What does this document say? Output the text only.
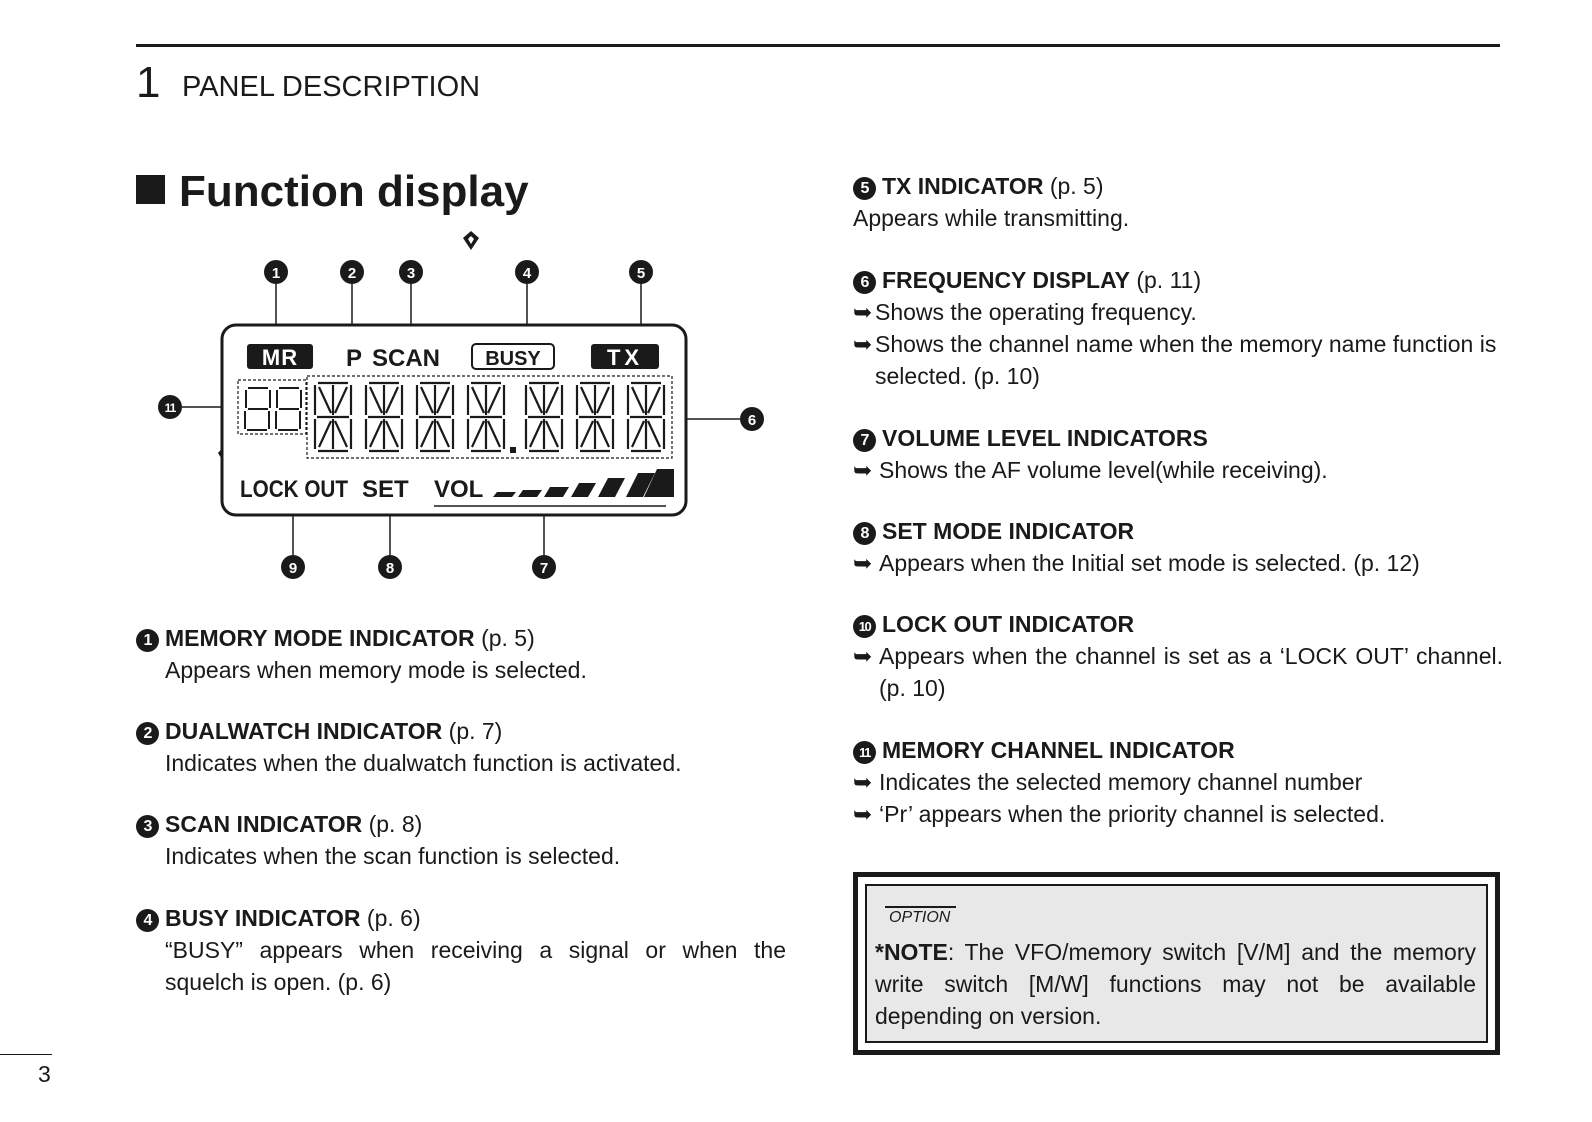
1 PANEL DESCRIPTION
Function display
1	2	3	4	5
6
7
8
9
11
MR P SCAN BUSY	TX
LOCK OUT SET VOL
1 MEMORY MODE INDICATOR (p. 5)
Appears when memory mode is selected.
2 DUALWATCH INDICATOR (p. 7)
Indicates when the dualwatch function is activated.
3 SCAN INDICATOR (p. 8)
Indicates when the scan function is selected.
4 BUSY INDICATOR (p. 6)
“BUSY” appears when receiving a signal or when the squelch is open. (p. 6)
5 TX INDICATOR (p. 5)
Appears while transmitting.
6 FREQUENCY DISPLAY (p. 11)
➥ Shows the operating frequency.
➥ Shows the channel name when the memory name function is selected. (p. 10)
7 VOLUME LEVEL INDICATORS
➥ Shows the AF volume level(while receiving).
8 SET MODE INDICATOR
➥ Appears when the Initial set mode is selected. (p. 12)
10 LOCK OUT INDICATOR
➥ Appears when the channel is set as a ‘LOCK OUT’ channel. (p. 10)
11 MEMORY CHANNEL INDICATOR
➥ Indicates the selected memory channel number
➥ ‘Pr’ appears when the priority channel is selected.
OPTION
*NOTE: The VFO/memory switch [V/M] and the memory write switch [M/W] functions may not be available depending on version.
3
